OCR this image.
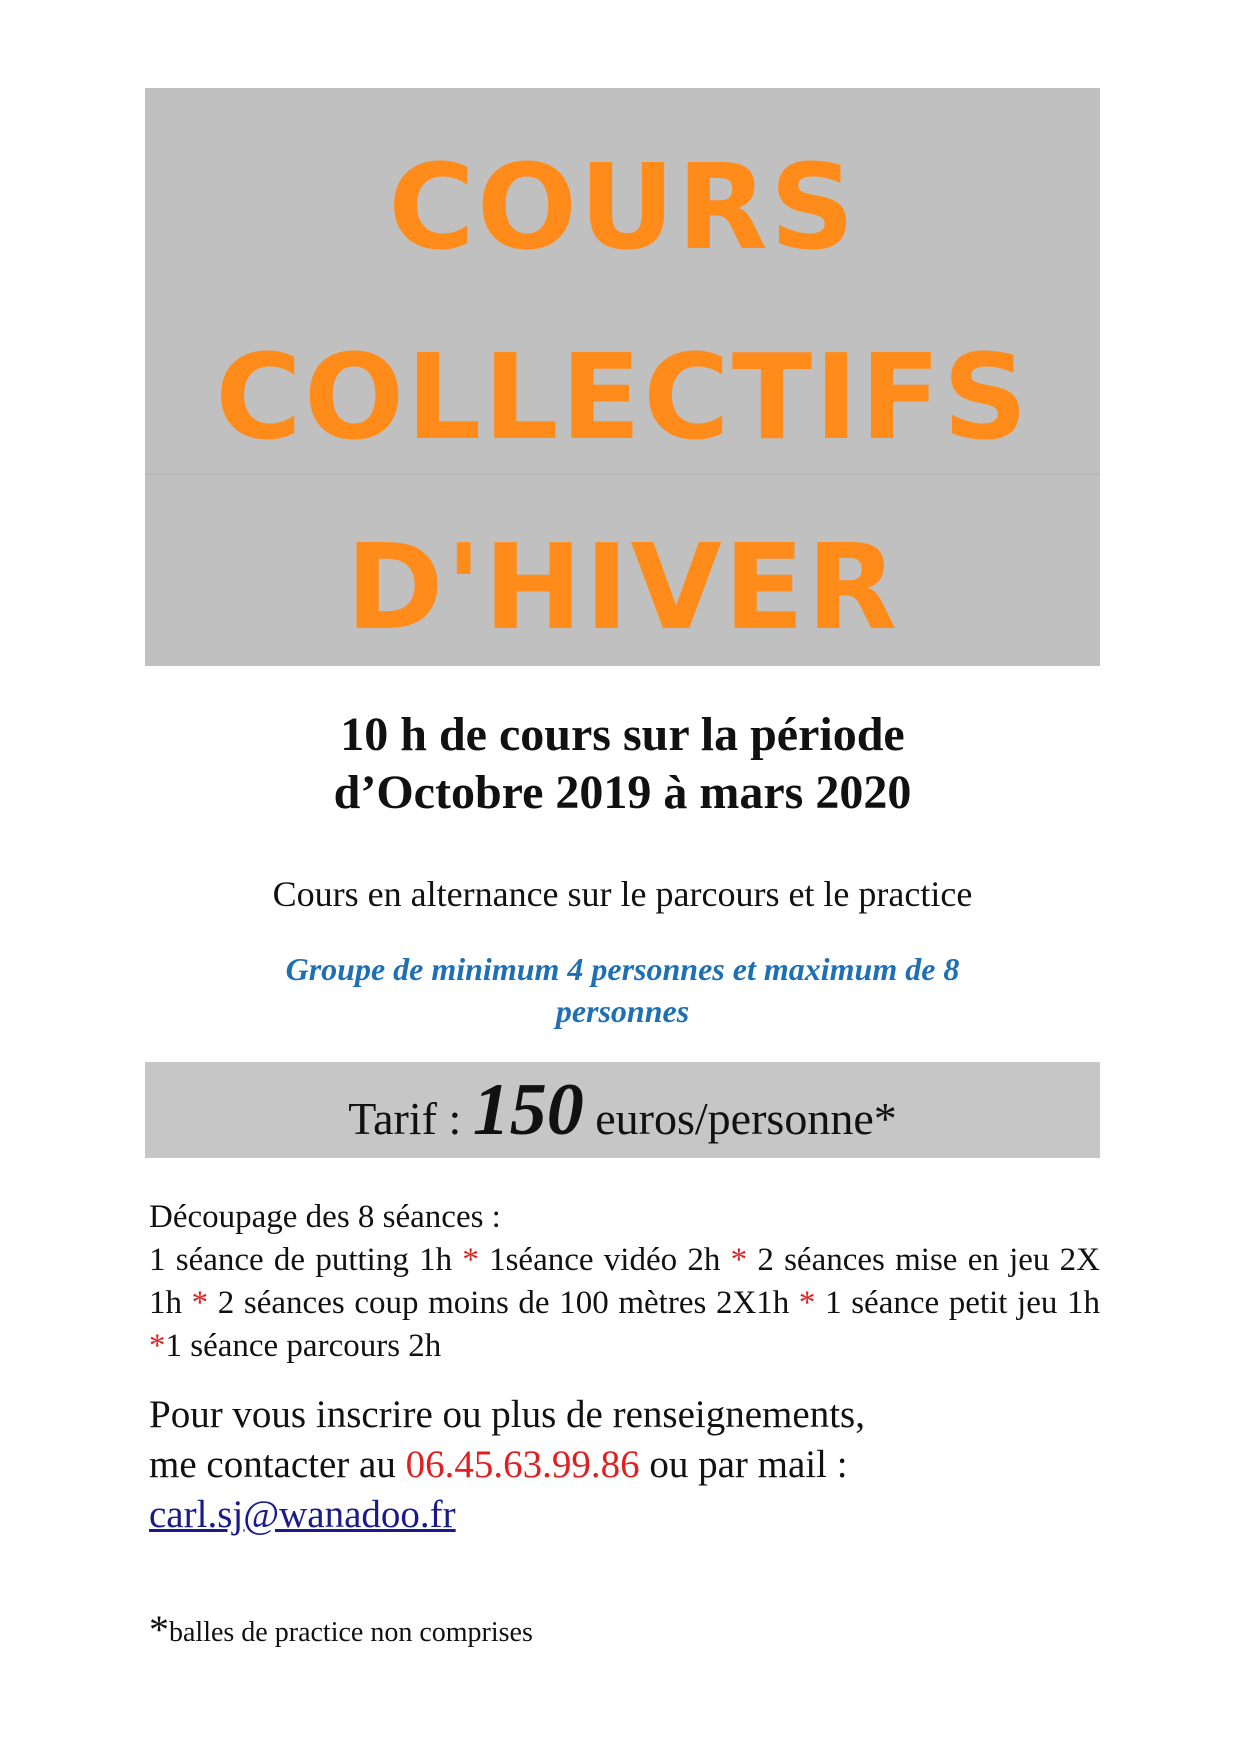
COURS
COLLECTIFS
D'HIVER
10 h de cours sur la période
d’Octobre 2019 à mars 2020
Cours en alternance sur le parcours et le practice
Groupe de minimum 4 personnes et maximum de 8
personnes
Tarif : 150 euros/personne*

Découpage des 8 séances :

1 séance de putting 1h * 1séance vidéo 2h * 2 séances mise en jeu 2X 1h * 2 séances coup moins de 100 mètres 2X1h * 1 séance petit jeu 1h *1 séance parcours 2h

Pour vous inscrire ou plus de renseignements,

me contacter au 06.45.63.99.86 ou par mail :

carl.sj@wanadoo.fr

*balles de practice non comprises
